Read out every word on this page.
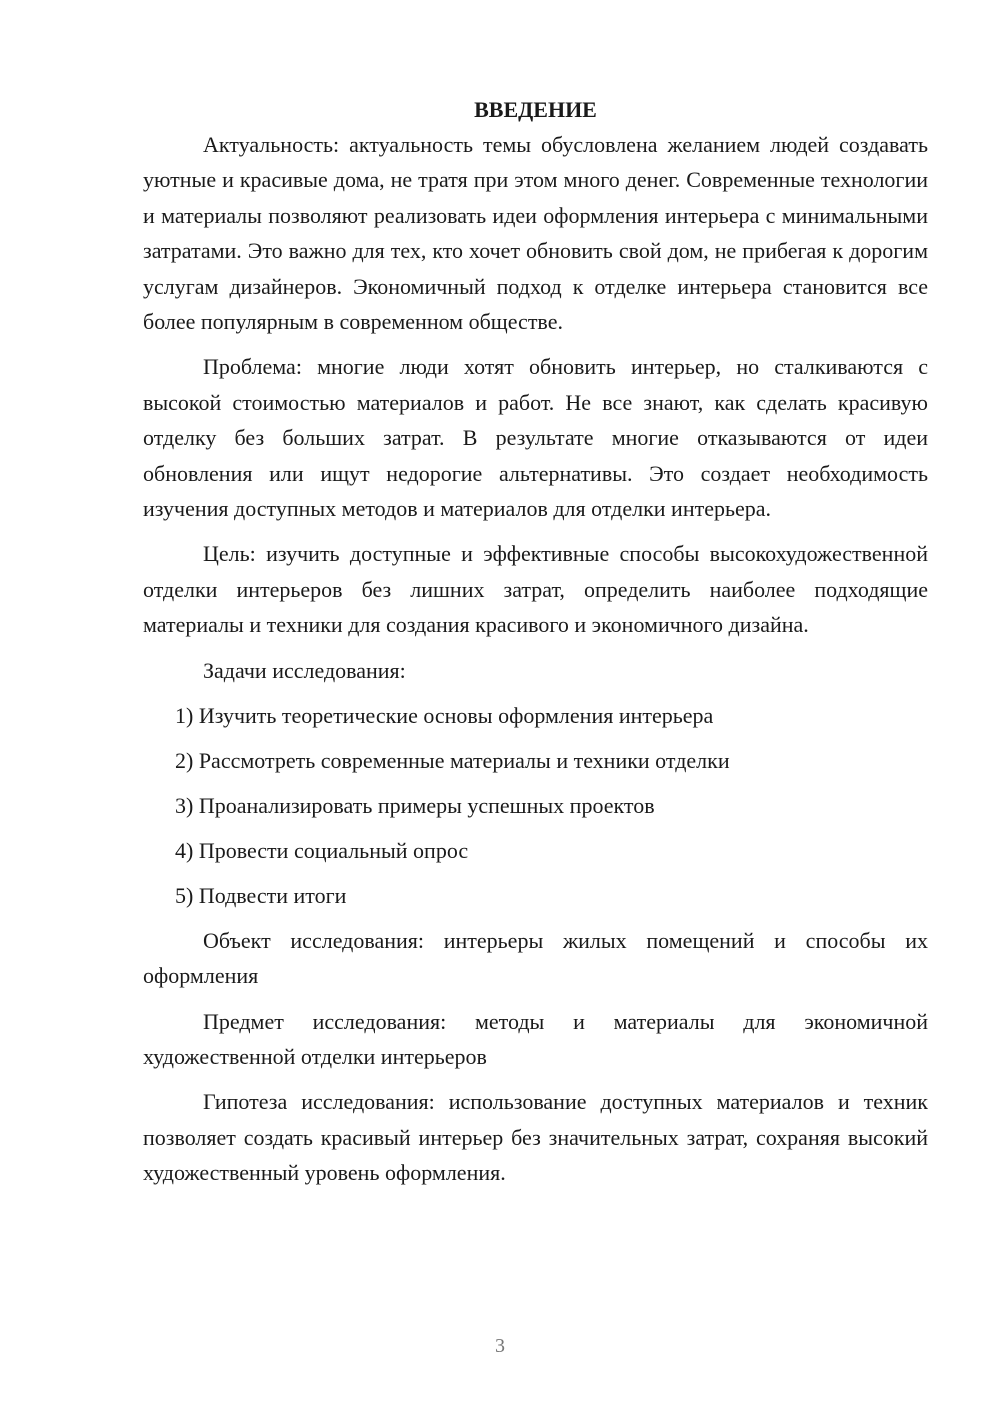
ВВЕДЕНИЕ

Актуальность: актуальность темы обусловлена желанием людей создавать уютные и красивые дома, не тратя при этом много денег. Современные технологии и материалы позволяют реализовать идеи оформления интерьера с минимальными затратами. Это важно для тех, кто хочет обновить свой дом, не прибегая к дорогим услугам дизайнеров. Экономичный подход к отделке интерьера становится все более популярным в современном обществе.

Проблема: многие люди хотят обновить интерьер, но сталкиваются с высокой стоимостью материалов и работ. Не все знают, как сделать красивую отделку без больших затрат. В результате многие отказываются от идеи обновления или ищут недорогие альтернативы. Это создает необходимость изучения доступных методов и материалов для отделки интерьера.

Цель: изучить доступные и эффективные способы высокохудожественной отделки интерьеров без лишних затрат, определить наиболее подходящие материалы и техники для создания красивого и экономичного дизайна.

Задачи исследования:

1) Изучить теоретические основы оформления интерьера

2) Рассмотреть современные материалы и техники отделки

3) Проанализировать примеры успешных проектов

4) Провести социальный опрос

5) Подвести итоги

Объект исследования: интерьеры жилых помещений и способы их оформления

Предмет исследования: методы и материалы для экономичной художественной отделки интерьеров

Гипотеза исследования: использование доступных материалов и техник позволяет создать красивый интерьер без значительных затрат, сохраняя высокий художественный уровень оформления.

3
